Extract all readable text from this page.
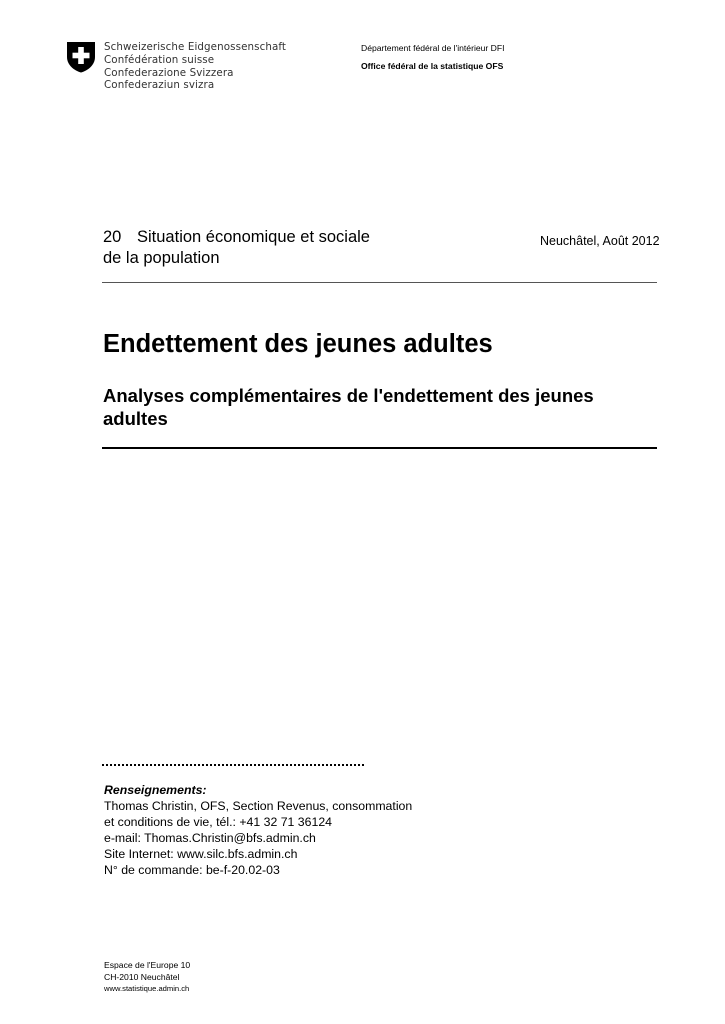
Schweizerische Eidgenossenschaft
Confédération suisse
Confederazione Svizzera
Confederaziun svizra
Département fédéral de l'intérieur DFI
Office fédéral de la statistique OFS
20 Situation économique et sociale
de la population
Neuchâtel, Août 2012
Endettement des jeunes adultes
Analyses complémentaires de l'endettement des jeunes adultes
Renseignements:
Thomas Christin, OFS, Section Revenus, consommation
et conditions de vie, tél.: +41 32 71 36124
e-mail: Thomas.Christin@bfs.admin.ch
Site Internet: www.silc.bfs.admin.ch
N° de commande: be-f-20.02-03
Espace de l'Europe 10
CH-2010 Neuchâtel
www.statistique.admin.ch
